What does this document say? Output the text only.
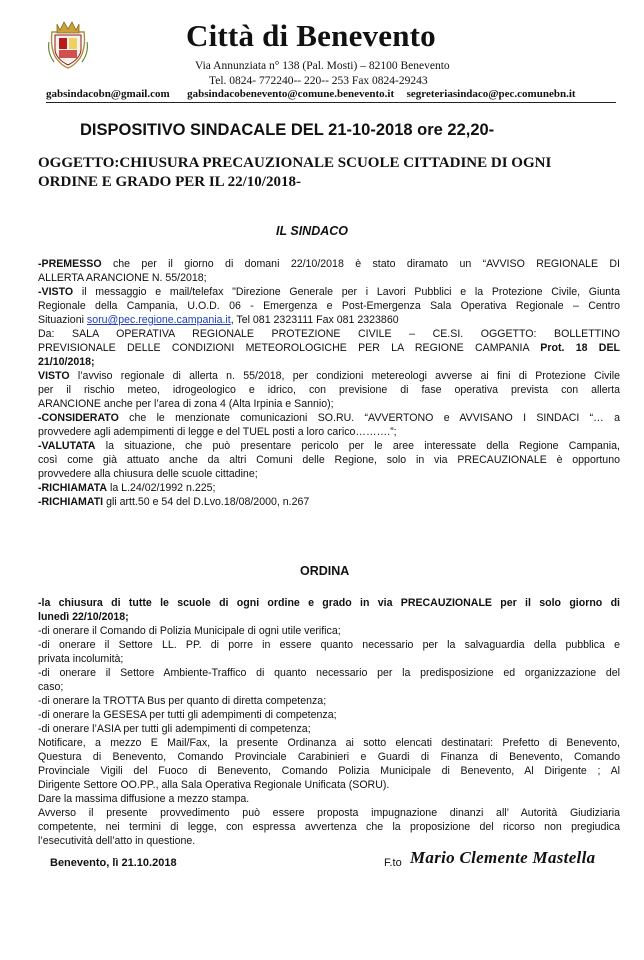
Città di Benevento
Via Annunziata n° 138 (Pal. Mosti) – 82100 Benevento
Tel. 0824- 772240-- 220-- 253 Fax 0824-29243
gabsindacobn@gmail.com gabsindacobenevento@comune.benevento.it segreteriasindaco@pec.comunebn.it
DISPOSITIVO SINDACALE DEL 21-10-2018 ore 22,20-
OGGETTO:CHIUSURA PRECAUZIONALE SCUOLE CITTADINE DI OGNI
ORDINE E GRADO PER IL 22/10/2018-
IL SINDACO
-PREMESSO che per il giorno di domani 22/10/2018 è stato diramato un “AVVISO REGIONALE DI
ALLERTA ARANCIONE N. 55/2018;
-VISTO il messaggio e mail/telefax "Direzione Generale per i Lavori Pubblici e la Protezione Civile, Giunta
Regionale della Campania, U.O.D. 06 - Emergenza e Post-Emergenza Sala Operativa Regionale – Centro
Situazioni soru@pec.regione.campania.it, Tel 081 2323111 Fax 081 2323860
Da: SALA OPERATIVA REGIONALE PROTEZIONE CIVILE – CE.SI. OGGETTO: BOLLETTINO
PREVISIONALE DELLE CONDIZIONI METEOROLOGICHE PER LA REGIONE CAMPANIA Prot. 18 DEL
21/10/2018;
VISTO l’avviso regionale di allerta n. 55/2018, per condizioni metereologi avverse ai fini di Protezione Civile
per il rischio meteo, idrogeologico e idrico, con previsione di fase operativa prevista con allerta
ARANCIONE anche per l’area di zona 4 (Alta Irpinia e Sannio);
-CONSIDERATO che le menzionate comunicazioni SO.RU. “AVVERTONO e AVVISANO I SINDACI “… a
provvedere agli adempimenti di legge e del TUEL posti a loro carico……….”;
-VALUTATA la situazione, che può presentare pericolo per le aree interessate della Regione Campania,
così come già attuato anche da altri Comuni delle Regione, solo in via PRECAUZIONALE è opportuno
provvedere alla chiusura delle scuole cittadine;
-RICHIAMATA la L.24/02/1992 n.225;
-RICHIAMATI gli artt.50 e 54 del D.Lvo.18/08/2000, n.267
ORDINA
-la chiusura di tutte le scuole di ogni ordine e grado in via PRECAUZIONALE per il solo giorno di
lunedì 22/10/2018;
-di onerare il Comando di Polizia Municipale di ogni utile verifica;
-di onerare il Settore LL. PP. di porre in essere quanto necessario per la salvaguardia della pubblica e
privata incolumità;
-di onerare il Settore Ambiente-Traffico di quanto necessario per la predisposizione ed organizzazione del
caso;
-di onerare la TROTTA Bus per quanto di diretta competenza;
-di onerare la GESESA per tutti gli adempimenti di competenza;
-di onerare l’ASIA per tutti gli adempimenti di competenza;
Notificare, a mezzo E Mail/Fax, la presente Ordinanza ai sotto elencati destinatari: Prefetto di Benevento,
Questura di Benevento, Comando Provinciale Carabinieri e Guardi di Finanza di Benevento, Comando
Provinciale Vigili del Fuoco di Benevento, Comando Polizia Municipale di Benevento, Al Dirigente ; Al
Dirigente Settore OO.PP., alla Sala Operativa Regionale Unificata (SORU).
Dare la massima diffusione a mezzo stampa.
Avverso il presente provvedimento può essere proposta impugnazione dinanzi all’ Autorità Giudiziaria
competente, nei termini di legge, con espressa avvertenza che la proposizione del ricorso non pregiudica
l’esecutività dell’atto in questione.
Benevento, lì 21.10.2018	F.to Mario Clemente Mastella
